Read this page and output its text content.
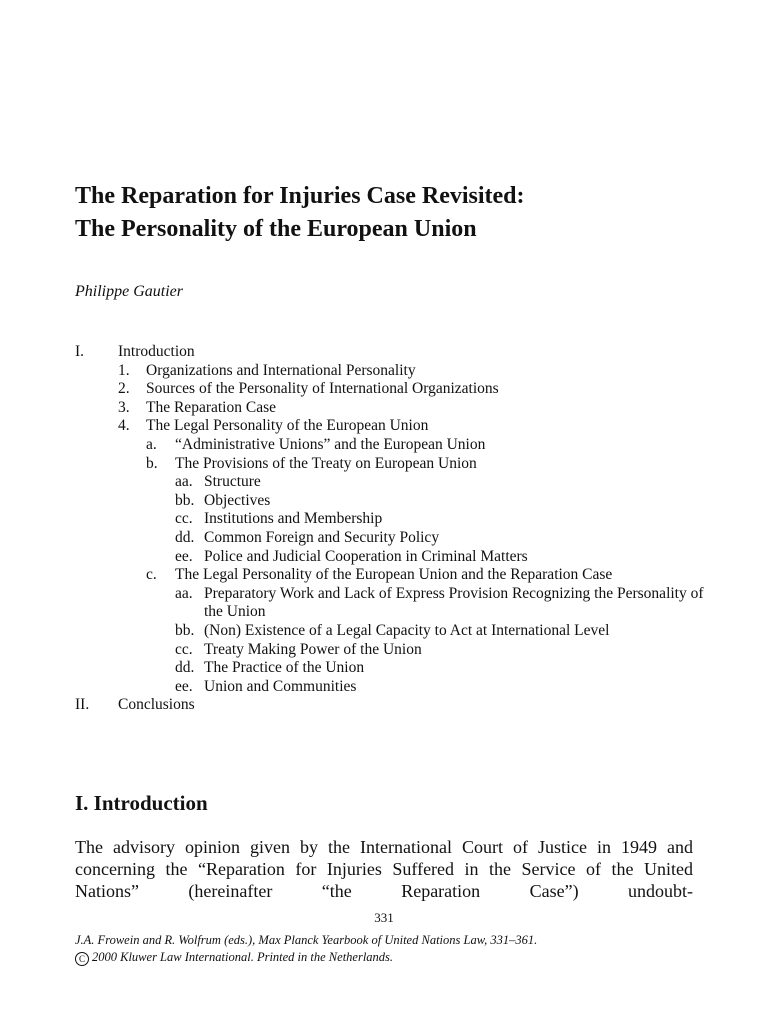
The Reparation for Injuries Case Revisited:
The Personality of the European Union

Philippe Gautier

I.	Introduction
1.	Organizations and International Personality
2.	Sources of the Personality of International Organizations
3.	The Reparation Case
4.	The Legal Personality of the European Union
a.	“Administrative Unions” and the European Union
b.	The Provisions of the Treaty on European Union
aa. Structure
bb. Objectives
cc. Institutions and Membership
dd. Common Foreign and Security Policy
ee. Police and Judicial Cooperation in Criminal Matters
c.	The Legal Personality of the European Union and the Reparation Case
aa. Preparatory Work and Lack of Express Provision Recognizing the Personality of the Union
bb. (Non) Existence of a Legal Capacity to Act at International Level
cc. Treaty Making Power of the Union
dd. The Practice of the Union
ee. Union and Communities
II.	Conclusions
I. Introduction

The advisory opinion given by the International Court of Justice in 1949 and concerning the “Reparation for Injuries Suffered in the Service of the United Nations” (hereinafter “the Reparation Case”) undoubt-

331
J.A. Frowein and R. Wolfrum (eds.), Max Planck Yearbook of United Nations Law, 331–361.
C 2000 Kluwer Law International. Printed in the Netherlands.
